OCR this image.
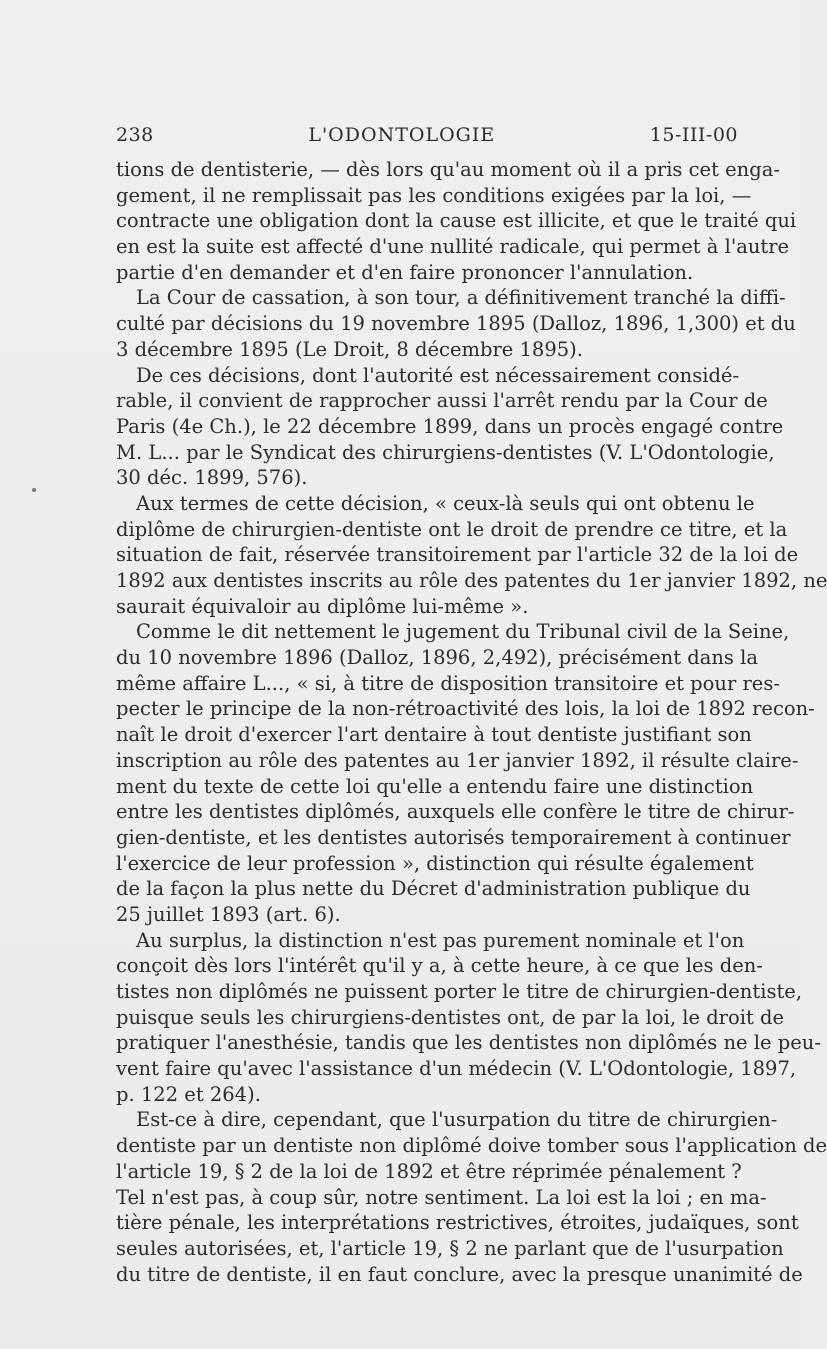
238	L'ODONTOLOGIE	15-III-00
tions de dentisterie, — dès lors qu'au moment où il a pris cet enga-
gement, il ne remplissait pas les conditions exigées par la loi, —
contracte une obligation dont la cause est illicite, et que le traité qui
en est la suite est affecté d'une nullité radicale, qui permet à l'autre
partie d'en demander et d'en faire prononcer l'annulation.
La Cour de cassation, à son tour, a définitivement tranché la diffi-
culté par décisions du 19 novembre 1895 (Dalloz, 1896, 1,300) et du
3 décembre 1895 (Le Droit, 8 décembre 1895).
De ces décisions, dont l'autorité est nécessairement considé-
rable, il convient de rapprocher aussi l'arrêt rendu par la Cour de
Paris (4e Ch.), le 22 décembre 1899, dans un procès engagé contre
M. L... par le Syndicat des chirurgiens-dentistes (V. L'Odontologie,
30 déc. 1899, 576).
Aux termes de cette décision, « ceux-là seuls qui ont obtenu le
diplôme de chirurgien-dentiste ont le droit de prendre ce titre, et la
situation de fait, réservée transitoirement par l'article 32 de la loi de
1892 aux dentistes inscrits au rôle des patentes du 1er janvier 1892, ne
saurait équivaloir au diplôme lui-même ».
Comme le dit nettement le jugement du Tribunal civil de la Seine,
du 10 novembre 1896 (Dalloz, 1896, 2,492), précisément dans la
même affaire L..., « si, à titre de disposition transitoire et pour res-
pecter le principe de la non-rétroactivité des lois, la loi de 1892 recon-
naît le droit d'exercer l'art dentaire à tout dentiste justifiant son
inscription au rôle des patentes au 1er janvier 1892, il résulte claire-
ment du texte de cette loi qu'elle a entendu faire une distinction
entre les dentistes diplômés, auxquels elle confère le titre de chirur-
gien-dentiste, et les dentistes autorisés temporairement à continuer
l'exercice de leur profession », distinction qui résulte également
de la façon la plus nette du Décret d'administration publique du
25 juillet 1893 (art. 6).
Au surplus, la distinction n'est pas purement nominale et l'on
conçoit dès lors l'intérêt qu'il y a, à cette heure, à ce que les den-
tistes non diplômés ne puissent porter le titre de chirurgien-dentiste,
puisque seuls les chirurgiens-dentistes ont, de par la loi, le droit de
pratiquer l'anesthésie, tandis que les dentistes non diplômés ne le peu-
vent faire qu'avec l'assistance d'un médecin (V. L'Odontologie, 1897,
p. 122 et 264).
Est-ce à dire, cependant, que l'usurpation du titre de chirurgien-
dentiste par un dentiste non diplômé doive tomber sous l'application de
l'article 19, § 2 de la loi de 1892 et être réprimée pénalement ?
Tel n'est pas, à coup sûr, notre sentiment. La loi est la loi ; en ma-
tière pénale, les interprétations restrictives, étroites, judaïques, sont
seules autorisées, et, l'article 19, § 2 ne parlant que de l'usurpation
du titre de dentiste, il en faut conclure, avec la presque unanimité de
